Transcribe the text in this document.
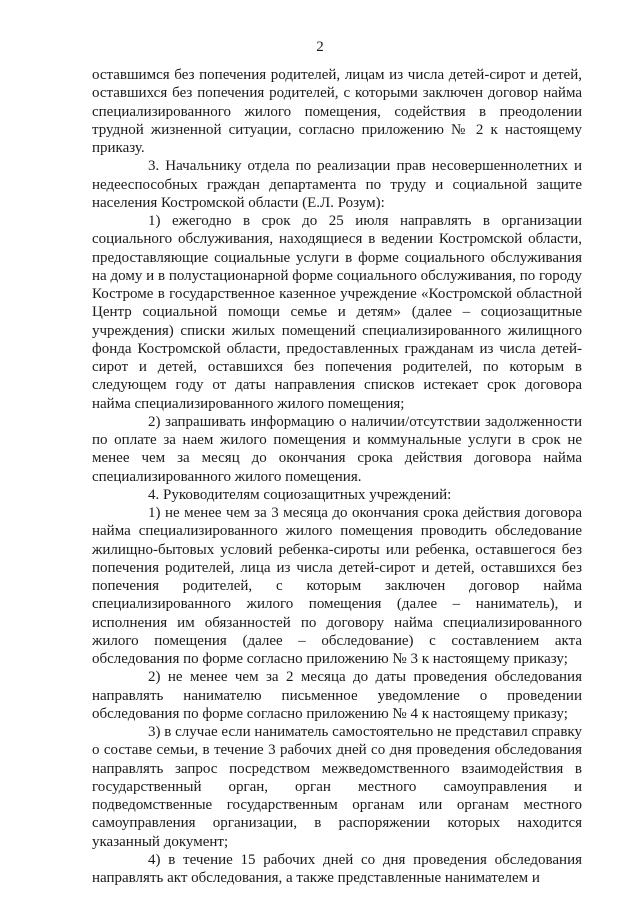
2

оставшимся без попечения родителей, лицам из числа детей-сирот и детей, оставшихся без попечения родителей, с которыми заключен договор найма специализированного жилого помещения, содействия в преодолении трудной жизненной ситуации, согласно приложению № 2 к настоящему приказу.

3. Начальнику отдела по реализации прав несовершеннолетних и недееспособных граждан департамента по труду и социальной защите населения Костромской области (Е.Л. Розум):

1) ежегодно в срок до 25 июля направлять в организации социального обслуживания, находящиеся в ведении Костромской области, предоставляющие социальные услуги в форме социального обслуживания на дому и в полустационарной форме социального обслуживания, по городу Костроме в государственное казенное учреждение «Костромской областной Центр социальной помощи семье и детям» (далее – социозащитные учреждения) списки жилых помещений специализированного жилищного фонда Костромской области, предоставленных гражданам из числа детей-сирот и детей, оставшихся без попечения родителей, по которым в следующем году от даты направления списков истекает срок договора найма специализированного жилого помещения;

2) запрашивать информацию о наличии/отсутствии задолженности по оплате за наем жилого помещения и коммунальные услуги в срок не менее чем за месяц до окончания срока действия договора найма специализированного жилого помещения.

4. Руководителям социозащитных учреждений:

1) не менее чем за 3 месяца до окончания срока действия договора найма специализированного жилого помещения проводить обследование жилищно-бытовых условий ребенка-сироты или ребенка, оставшегося без попечения родителей, лица из числа детей-сирот и детей, оставшихся без попечения родителей, с которым заключен договор найма специализированного жилого помещения (далее – наниматель), и исполнения им обязанностей по договору найма специализированного жилого помещения (далее – обследование) с составлением акта обследования по форме согласно приложению № 3 к настоящему приказу;

2) не менее чем за 2 месяца до даты проведения обследования направлять нанимателю письменное уведомление о проведении обследования по форме согласно приложению № 4 к настоящему приказу;

3) в случае если наниматель самостоятельно не представил справку о составе семьи, в течение 3 рабочих дней со дня проведения обследования направлять запрос посредством межведомственного взаимодействия в государственный орган, орган местного самоуправления и подведомственные государственным органам или органам местного самоуправления организации, в распоряжении которых находится указанный документ;

4) в течение 15 рабочих дней со дня проведения обследования направлять акт обследования, а также представленные нанимателем и
